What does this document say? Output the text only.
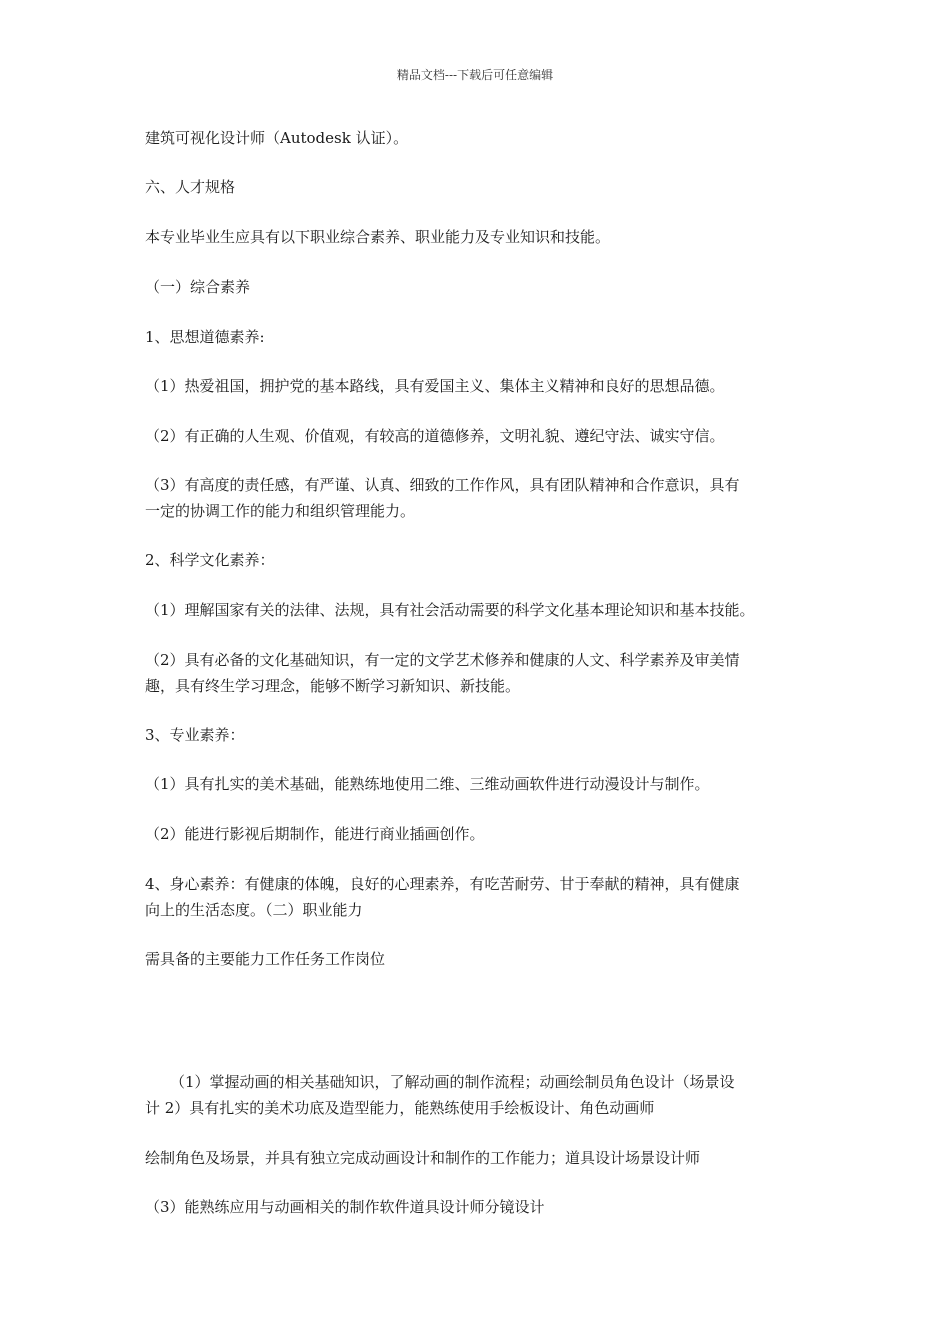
精品文档---下载后可任意编辑
建筑可视化设计师（Autodesk 认证）。
六、人才规格
本专业毕业生应具有以下职业综合素养、职业能力及专业知识和技能。
（一）综合素养
1、思想道德素养:
（1）热爱祖国，拥护党的基本路线，具有爱国主义、集体主义精神和良好的思想品德。
（2）有正确的人生观、价值观，有较高的道德修养，文明礼貌、遵纪守法、诚实守信。
（3）有高度的责任感，有严谨、认真、细致的工作作风，具有团队精神和合作意识，具有
一定的协调工作的能力和组织管理能力。
2、科学文化素养：
（1）理解国家有关的法律、法规，具有社会活动需要的科学文化基本理论知识和基本技能。
（2）具有必备的文化基础知识，有一定的文学艺术修养和健康的人文、科学素养及审美情
趣，具有终生学习理念，能够不断学习新知识、新技能。
3、专业素养：
（1）具有扎实的美术基础，能熟练地使用二维、三维动画软件进行动漫设计与制作。
（2）能进行影视后期制作，能进行商业插画创作。
4、身心素养：有健康的体魄，良好的心理素养，有吃苦耐劳、甘于奉献的精神，具有健康
向上的生活态度。（二）职业能力
需具备的主要能力工作任务工作岗位
（1）掌握动画的相关基础知识，了解动画的制作流程；动画绘制员角色设计（场景设
计 2）具有扎实的美术功底及造型能力，能熟练使用手绘板设计、角色动画师
绘制角色及场景，并具有独立完成动画设计和制作的工作能力；道具设计场景设计师
（3）能熟练应用与动画相关的制作软件道具设计师分镜设计
